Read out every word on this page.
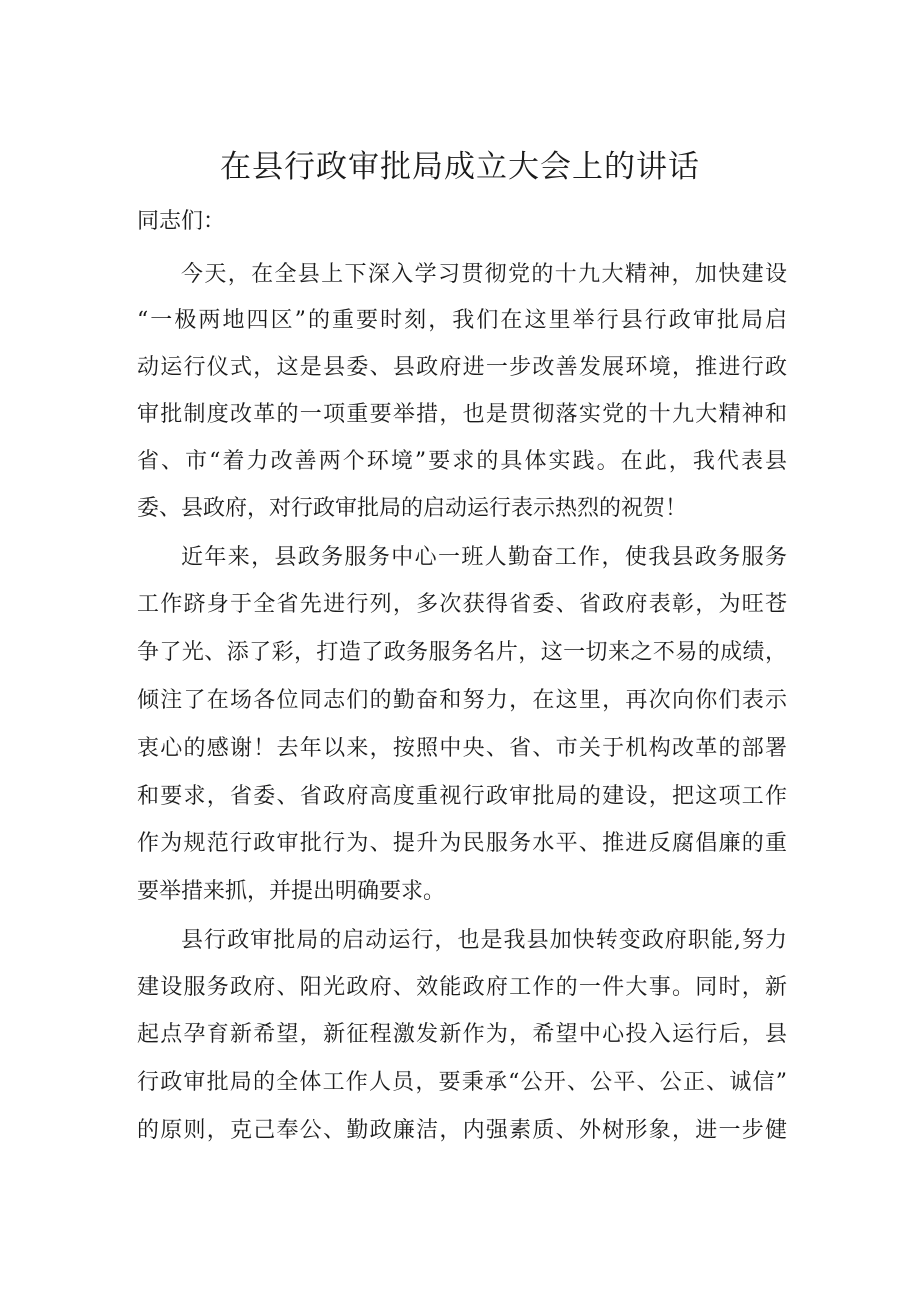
在县行政审批局成立大会上的讲话
同志们：
今天，在全县上下深入学习贯彻党的十九大精神，加快建设
“一极两地四区”的重要时刻，我们在这里举行县行政审批局启
动运行仪式，这是县委、县政府进一步改善发展环境，推进行政
审批制度改革的一项重要举措，也是贯彻落实党的十九大精神和
省、市“着力改善两个环境”要求的具体实践。在此，我代表县
委、县政府，对行政审批局的启动运行表示热烈的祝贺！
近年来，县政务服务中心一班人勤奋工作，使我县政务服务
工作跻身于全省先进行列，多次获得省委、省政府表彰，为旺苍
争了光、添了彩，打造了政务服务名片，这一切来之不易的成绩，
倾注了在场各位同志们的勤奋和努力，在这里，再次向你们表示
衷心的感谢！去年以来，按照中央、省、市关于机构改革的部署
和要求，省委、省政府高度重视行政审批局的建设，把这项工作
作为规范行政审批行为、提升为民服务水平、推进反腐倡廉的重
要举措来抓，并提出明确要求。
县行政审批局的启动运行，也是我县加快转变政府职能,努力
建设服务政府、阳光政府、效能政府工作的一件大事。同时，新
起点孕育新希望，新征程激发新作为，希望中心投入运行后，县
行政审批局的全体工作人员，要秉承“公开、公平、公正、诚信”
的原则，克己奉公、勤政廉洁，内强素质、外树形象，进一步健
